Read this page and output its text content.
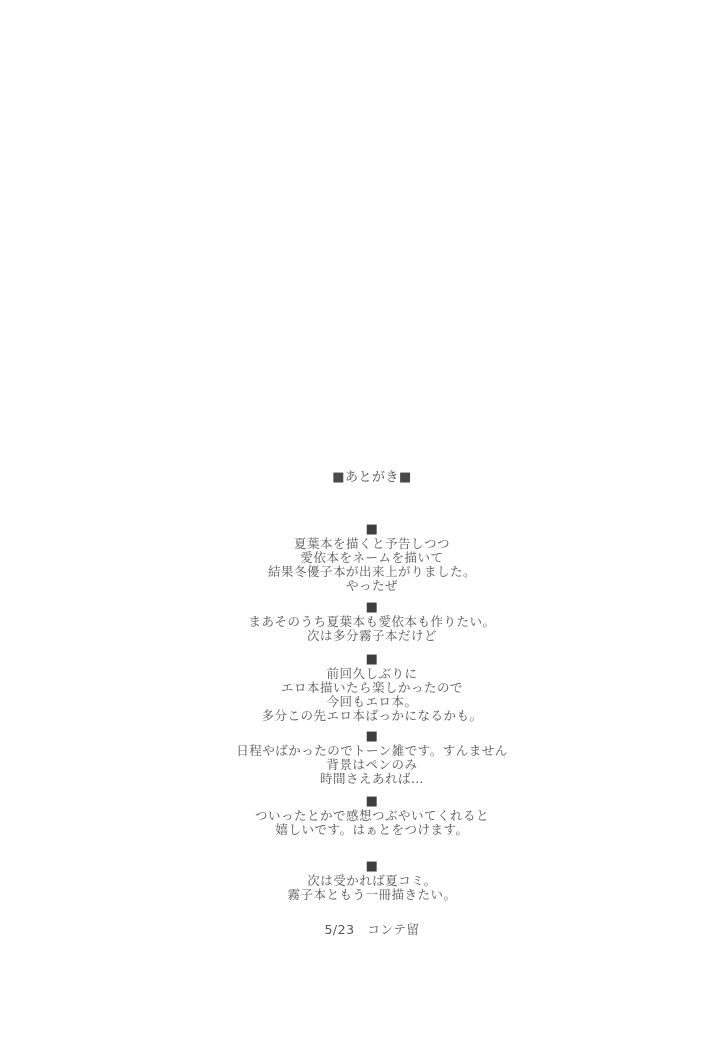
■あとがき■
■
夏葉本を描くと予告しつつ
愛依本をネームを描いて
結果冬優子本が出来上がりました。
やったぜ
■
まあそのうち夏葉本も愛依本も作りたい。
次は多分霧子本だけど
■
前回久しぶりに
エロ本描いたら楽しかったので
今回もエロ本。
多分この先エロ本ばっかになるかも。
■
日程やばかったのでトーン雑です。すんません
背景はペンのみ
時間さえあれば…
■
ついったとかで感想つぶやいてくれると
嬉しいです。はぁとをつけます。
■
次は受かれば夏コミ。
霧子本ともう一冊描きたい。
5/23　コンテ留
